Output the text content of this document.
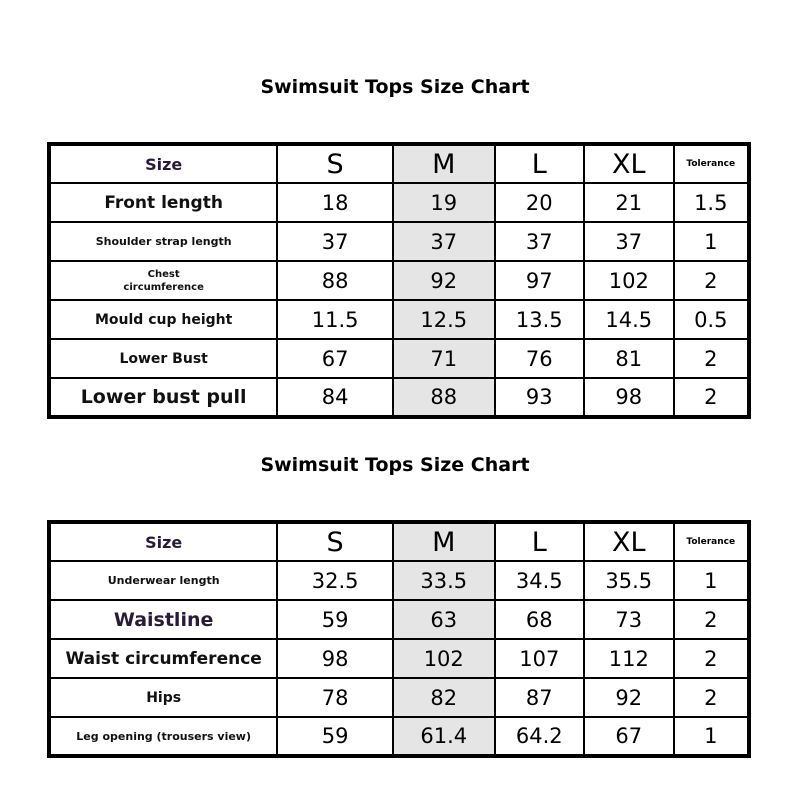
Swimsuit Tops Size Chart
Size	S	M	L	XL	Tolerance
Front length	18	19	20	21	1.5
Shoulder strap length	37	37	37	37	1
Chest circumference	88	92	97	102	2
Mould cup height	11.5	12.5	13.5	14.5	0.5
Lower Bust	67	71	76	81	2
Lower bust pull	84	88	93	98	2
Swimsuit Tops Size Chart
Size	S	M	L	XL	Tolerance
Underwear length	32.5	33.5	34.5	35.5	1
Waistline	59	63	68	73	2
Waist circumference	98	102	107	112	2
Hips	78	82	87	92	2
Leg opening (trousers view)	59	61.4	64.2	67	1
